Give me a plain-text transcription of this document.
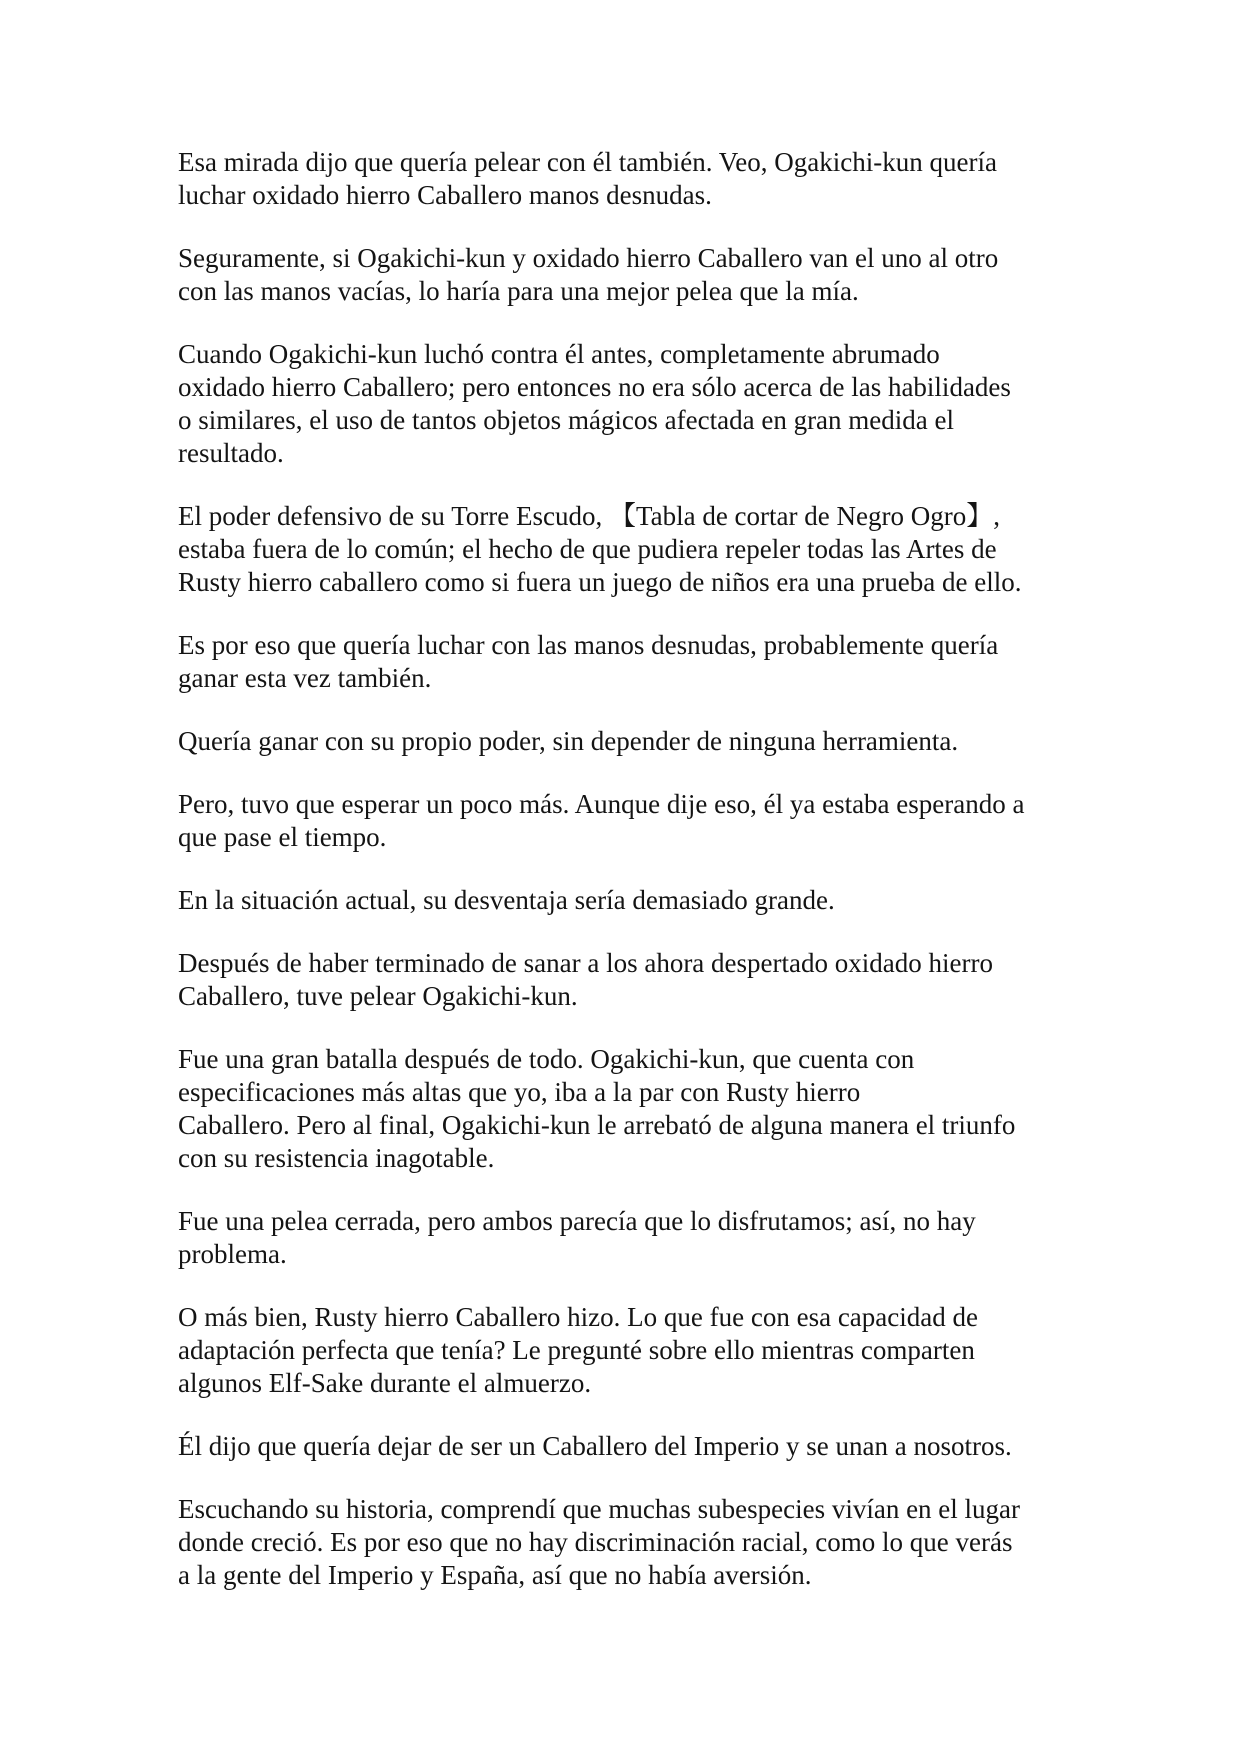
Esa mirada dijo que quería pelear con él también. Veo, Ogakichi-kun quería
luchar oxidado hierro Caballero manos desnudas.

Seguramente, si Ogakichi-kun y oxidado hierro Caballero van el uno al otro
con las manos vacías, lo haría para una mejor pelea que la mía.

Cuando Ogakichi-kun luchó contra él antes, completamente abrumado
oxidado hierro Caballero; pero entonces no era sólo acerca de las habilidades
o similares, el uso de tantos objetos mágicos afectada en gran medida el
resultado.

El poder defensivo de su Torre Escudo, 【Tabla de cortar de Negro Ogro】,
estaba fuera de lo común; el hecho de que pudiera repeler todas las Artes de
Rusty hierro caballero como si fuera un juego de niños era una prueba de ello.

Es por eso que quería luchar con las manos desnudas, probablemente quería
ganar esta vez también.

Quería ganar con su propio poder, sin depender de ninguna herramienta.

Pero, tuvo que esperar un poco más. Aunque dije eso, él ya estaba esperando a
que pase el tiempo.

En la situación actual, su desventaja sería demasiado grande.

Después de haber terminado de sanar a los ahora despertado oxidado hierro
Caballero, tuve pelear Ogakichi-kun.

Fue una gran batalla después de todo. Ogakichi-kun, que cuenta con
especificaciones más altas que yo, iba a la par con Rusty hierro
Caballero. Pero al final, Ogakichi-kun le arrebató de alguna manera el triunfo
con su resistencia inagotable.

Fue una pelea cerrada, pero ambos parecía que lo disfrutamos; así, no hay
problema.

O más bien, Rusty hierro Caballero hizo. Lo que fue con esa capacidad de
adaptación perfecta que tenía? Le pregunté sobre ello mientras comparten
algunos Elf-Sake durante el almuerzo.

Él dijo que quería dejar de ser un Caballero del Imperio y se unan a nosotros.

Escuchando su historia, comprendí que muchas subespecies vivían en el lugar
donde creció. Es por eso que no hay discriminación racial, como lo que verás
a la gente del Imperio y España, así que no había aversión.
